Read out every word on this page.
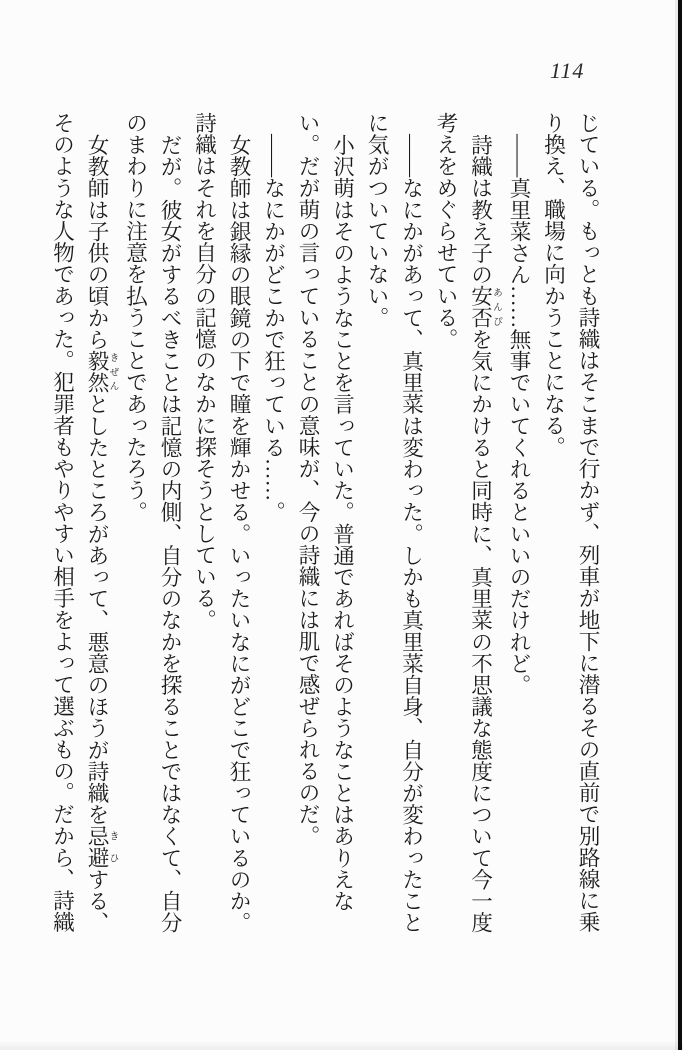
114

じている。もっとも詩織はそこまで行かず、列車が地下に潜るその直前で別路線に乗り換え、職場に向かうことになる。

――真里菜さん……無事でいてくれるといいのだけれど。

詩織は教え子の安否あんぴを気にかけると同時に、真里菜の不思議な態度について今一度考えをめぐらせている。

――なにかがあって、真里菜は変わった。しかも真里菜自身、自分が変わったことに気がついていない。

小沢萌はそのようなことを言っていた。普通であればそのようなことはありえない。だが萌の言っていることの意味が、今の詩織には肌で感ぜられるのだ。

――なにかがどこかで狂っている……。

女教師は銀縁の眼鏡の下で瞳を輝かせる。いったいなにがどこで狂っているのか。詩織はそれを自分の記憶のなかに探そうとしている。

だが。彼女がするべきことは記憶の内側、自分のなかを探ることではなくて、自分のまわりに注意を払うことであったろう。

女教師は子供の頃から毅然きぜんとしたところがあって、悪意のほうが詩織を忌避きひする、そのような人物であった。犯罪者もやりやすい相手をよって選ぶもの。だから、詩織
